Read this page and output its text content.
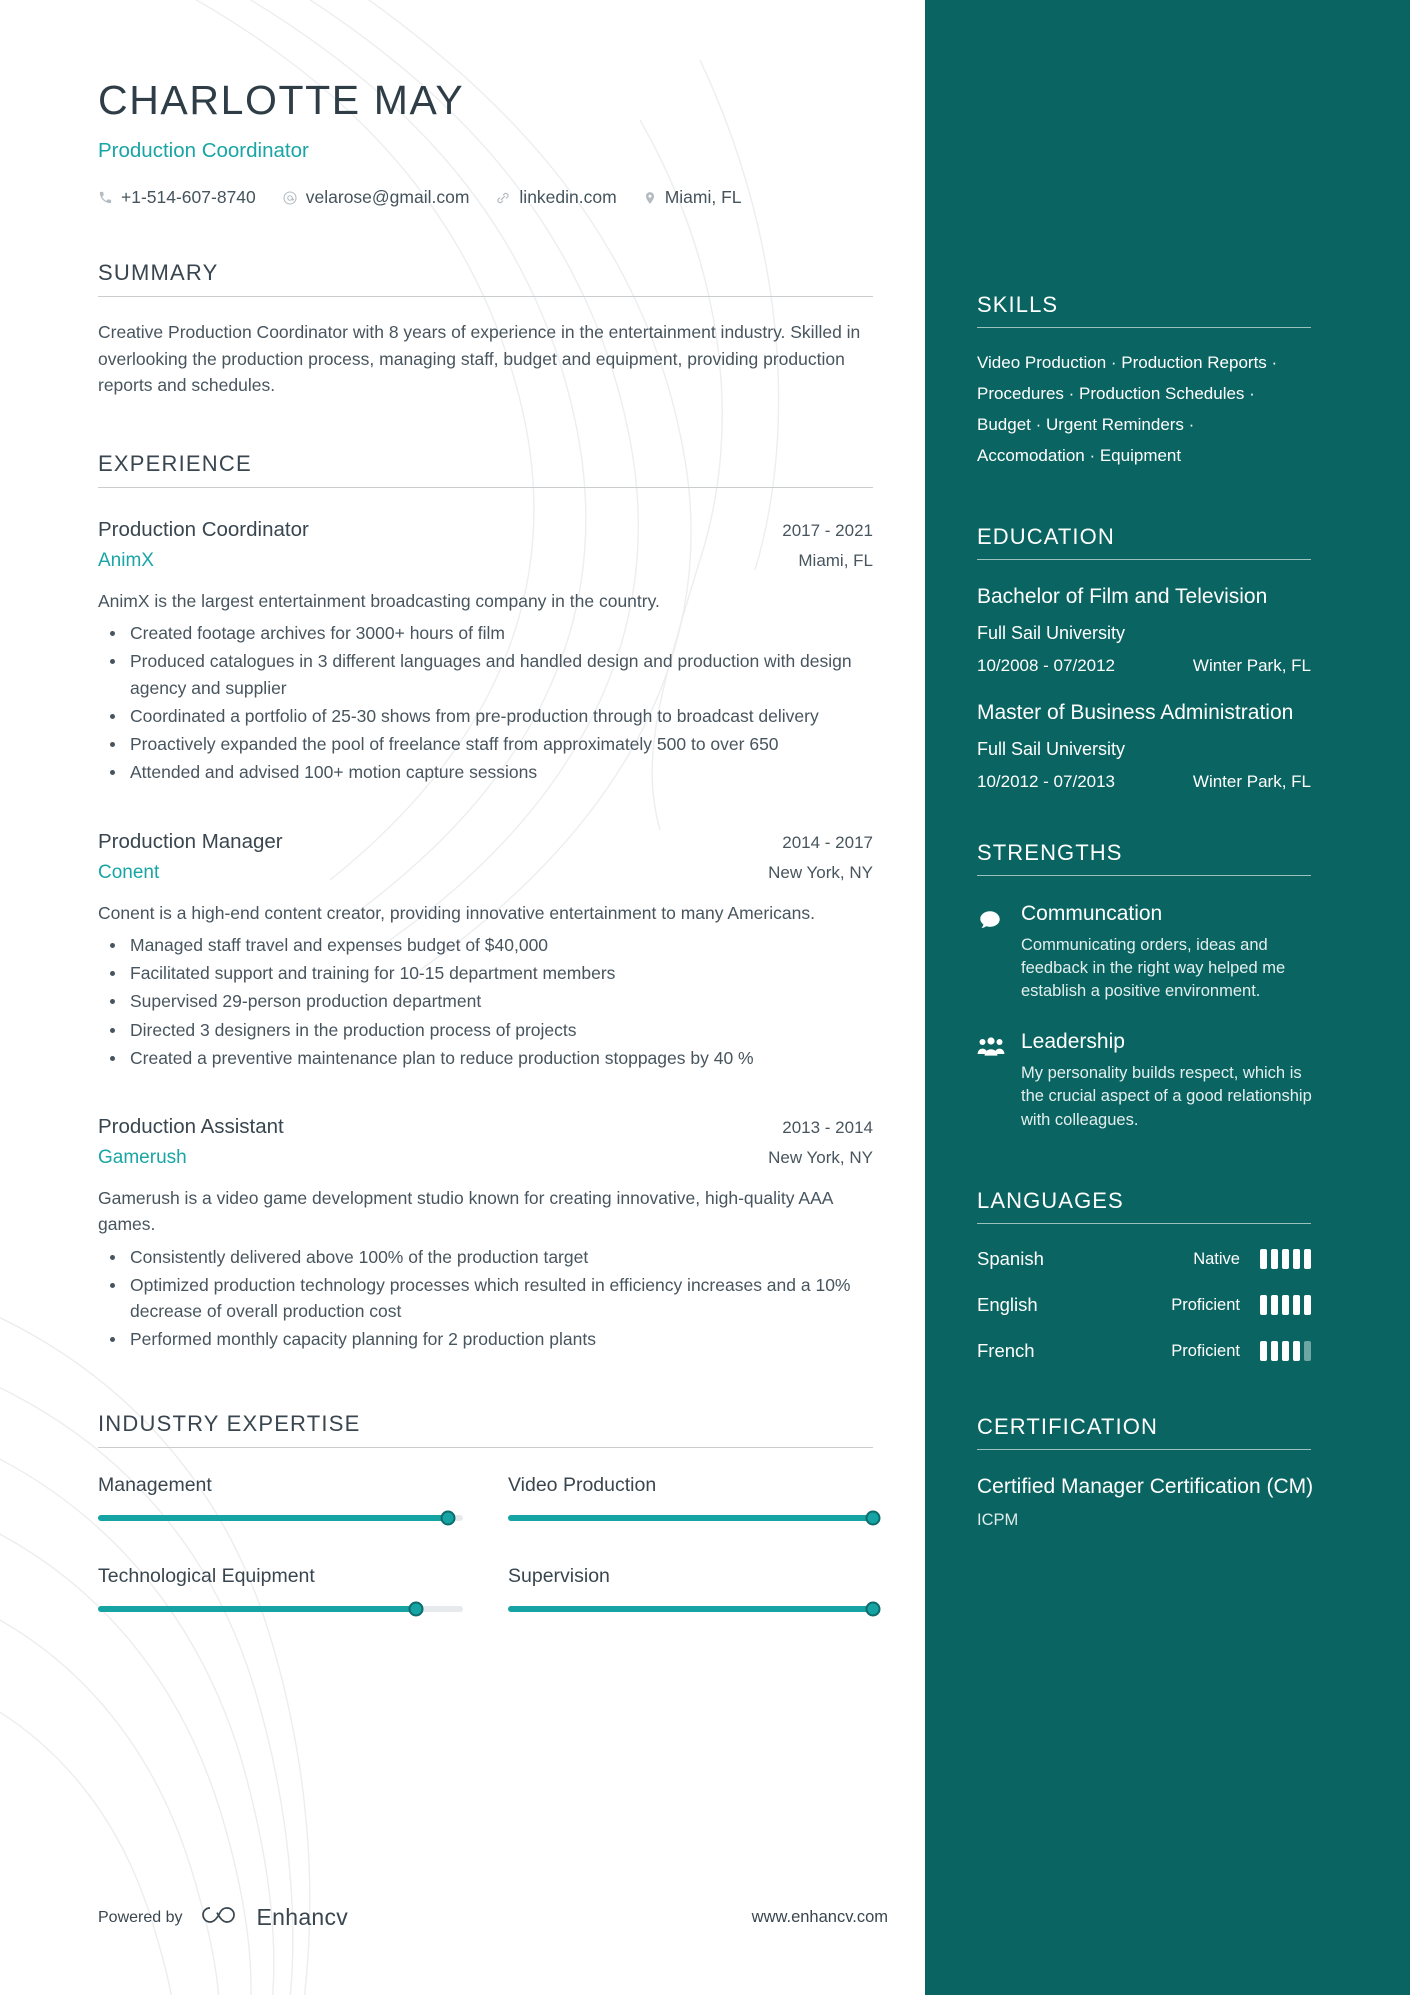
CHARLOTTE MAY
Production Coordinator
+1-514-607-8740	velarose@gmail.com	linkedin.com	Miami, FL
SUMMARY

Creative Production Coordinator with 8 years of experience in the entertainment industry. Skilled in overlooking the production process, managing staff, budget and equipment, providing production reports and schedules.

EXPERIENCE
Production Coordinator	2017 - 2021
AnimX	Miami, FL
AnimX is the largest entertainment broadcasting company in the country.
Created footage archives for 3000+ hours of film
Produced catalogues in 3 different languages and handled design and production with design agency and supplier
Coordinated a portfolio of 25-30 shows from pre-production through to broadcast delivery
Proactively expanded the pool of freelance staff from approximately 500 to over 650
Attended and advised 100+ motion capture sessions
Production Manager	2014 - 2017
Conent	New York, NY
Conent is a high-end content creator, providing innovative entertainment to many Americans.
Managed staff travel and expenses budget of $40,000
Facilitated support and training for 10-15 department members
Supervised 29-person production department
Directed 3 designers in the production process of projects
Created a preventive maintenance plan to reduce production stoppages by 40 %
Production Assistant	2013 - 2014
Gamerush	New York, NY
Gamerush is a video game development studio known for creating innovative, high-quality AAA games.
Consistently delivered above 100% of the production target
Optimized production technology processes which resulted in efficiency increases and a 10% decrease of overall production cost
Performed monthly capacity planning for 2 production plants
INDUSTRY EXPERTISE
Management	Video Production
Technological Equipment	Supervision
Powered by	Enhancv	www.enhancv.com
SKILLS
Video Production · Production Reports ·
Procedures · Production Schedules ·
Budget · Urgent Reminders ·
Accomodation · Equipment
EDUCATION
Bachelor of Film and Television
Full Sail University
10/2008 - 07/2012	Winter Park, FL
Master of Business Administration
Full Sail University
10/2012 - 07/2013	Winter Park, FL
STRENGTHS
Communcation
Communicating orders, ideas and feedback in the right way helped me establish a positive environment.
Leadership
My personality builds respect, which is the crucial aspect of a good relationship with colleagues.
LANGUAGES
Spanish	Native
English	Proficient
French	Proficient
CERTIFICATION
Certified Manager Certification (CM)
ICPM
